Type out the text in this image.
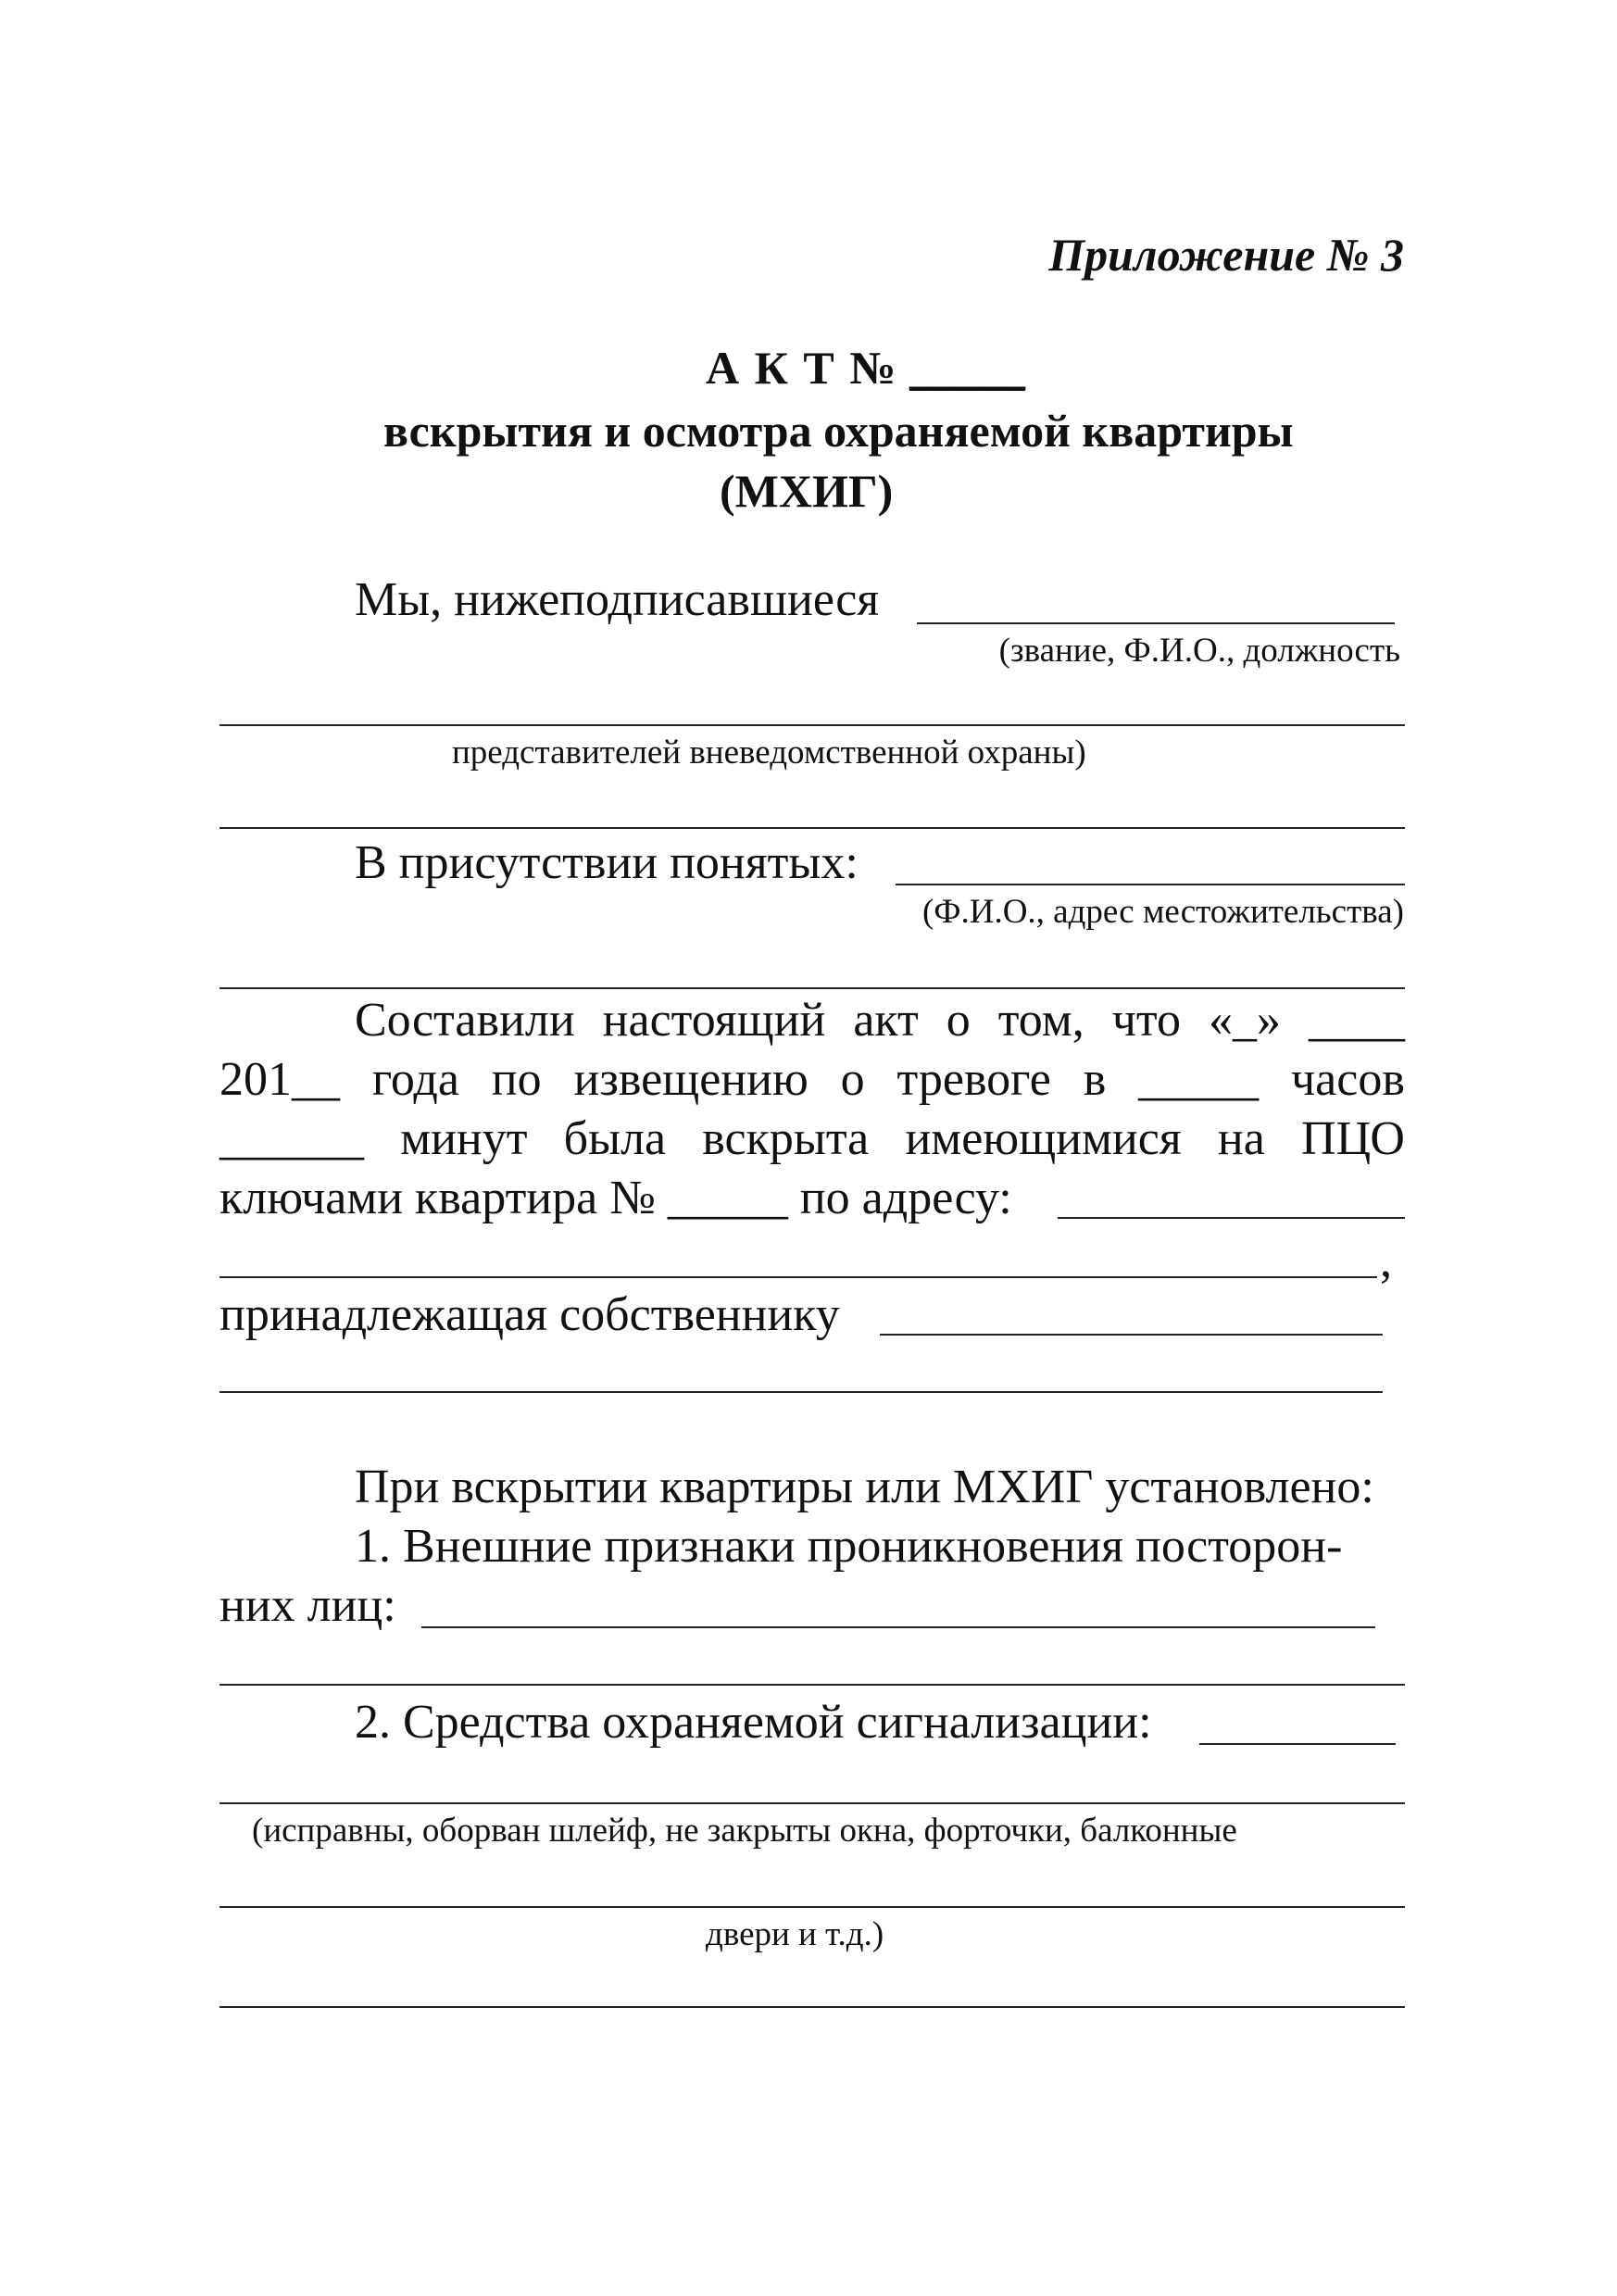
Приложение № 3
А К Т № _____
вскрытия и осмотра охраняемой квартиры
(МХИГ)
Мы, нижеподписавшиеся
(звание, Ф.И.О., должность
представителей вневедомственной охраны)
В присутствии понятых:
(Ф.И.О., адрес местожительства)
Составили настоящий акт о том, что «_» ____
201__ года по извещению о тревоге в _____ часов
______ минут была вскрыта имеющимися на ПЦО
ключами квартира № _____ по адресу:
,
принадлежащая собственнику
При вскрытии квартиры или МХИГ установлено:
1. Внешние признаки проникновения посторон-
них лиц:
2. Средства охраняемой сигнализации:
(исправны, оборван шлейф, не закрыты окна, форточки, балконные
двери и т.д.)
